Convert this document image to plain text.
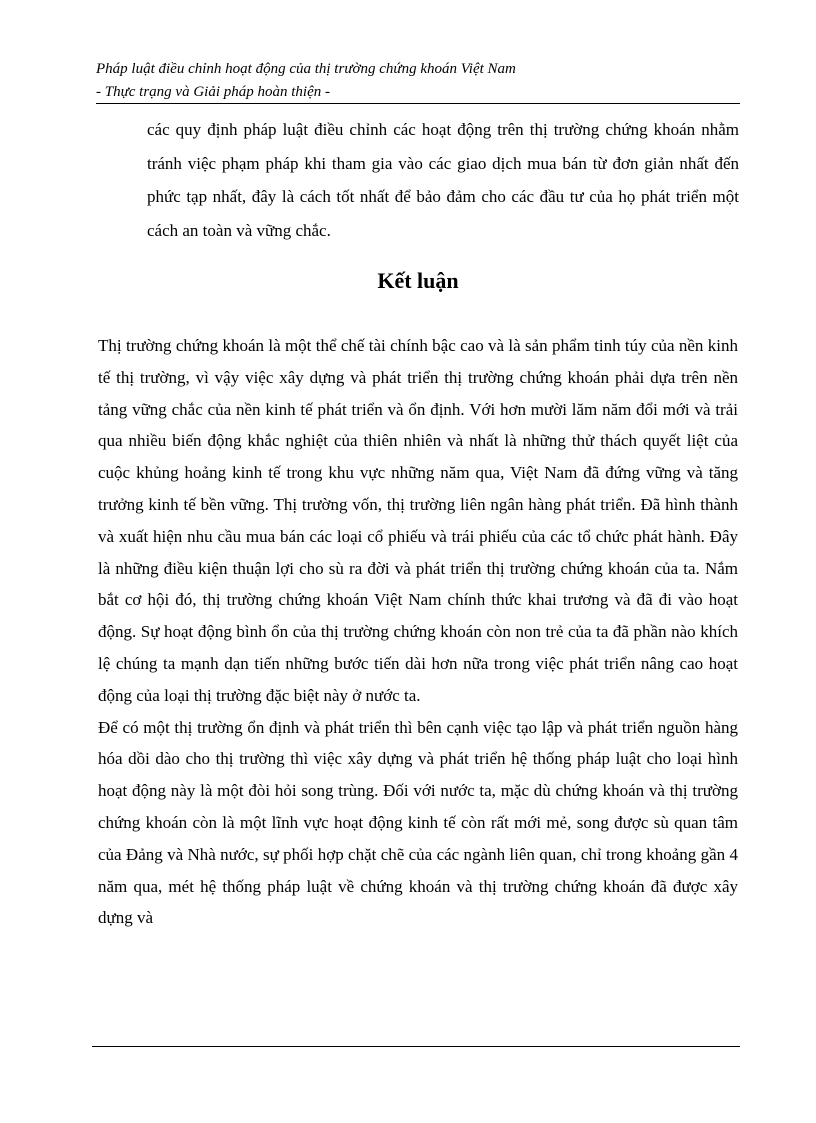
Pháp luật điều chỉnh hoạt động của thị trường chứng khoán Việt Nam
- Thực trạng và Giải pháp hoàn thiện -
các quy định pháp luật điều chỉnh các hoạt động trên thị trường chứng khoán nhằm tránh việc phạm pháp khi tham gia vào các giao dịch mua bán từ đơn giản nhất đến phức tạp nhất, đây là cách tốt nhất để bảo đảm cho các đầu tư của họ phát triển một cách an toàn và vững chắc.
Kết luận

Thị trường chứng khoán là một thể chế tài chính bậc cao và là sản phẩm tinh túy của nền kinh tế thị trường, vì vậy việc xây dựng và phát triển thị trường chứng khoán phải dựa trên nền tảng vững chắc của nền kinh tế phát triển và ổn định. Với hơn mười lăm năm đổi mới và trải qua nhiều biến động khắc nghiệt của thiên nhiên và nhất là những thử thách quyết liệt của cuộc khủng hoảng kinh tế trong khu vực những năm qua, Việt Nam đã đứng vững và tăng trưởng kinh tế bền vững. Thị trường vốn, thị trường liên ngân hàng phát triển. Đã hình thành và xuất hiện nhu cầu mua bán các loại cổ phiếu và trái phiếu của các tổ chức phát hành. Đây là những điều kiện thuận lợi cho sù ra đời và phát triển thị trường chứng khoán của ta. Nắm bắt cơ hội đó, thị trường chứng khoán Việt Nam chính thức khai trương và đã đi vào hoạt động. Sự hoạt động bình ổn của thị trường chứng khoán còn non trẻ của ta đã phần nào khích lệ chúng ta mạnh dạn tiến những bước tiến dài hơn nữa trong việc phát triển nâng cao hoạt động của loại thị trường đặc biệt này ở nước ta.

Để có một thị trường ổn định và phát triển thì bên cạnh việc tạo lập và phát triển nguồn hàng hóa dồi dào cho thị trường thì việc xây dựng và phát triển hệ thống pháp luật cho loại hình hoạt động này là một đòi hỏi song trùng. Đối với nước ta, mặc dù chứng khoán và thị trường chứng khoán còn là một lĩnh vực hoạt động kinh tế còn rất mới mẻ, song được sù quan tâm của Đảng và Nhà nước, sự phối hợp chặt chẽ của các ngành liên quan, chỉ trong khoảng gần 4 năm qua, mét hệ thống pháp luật về chứng khoán và thị trường chứng khoán đã được xây dựng và
